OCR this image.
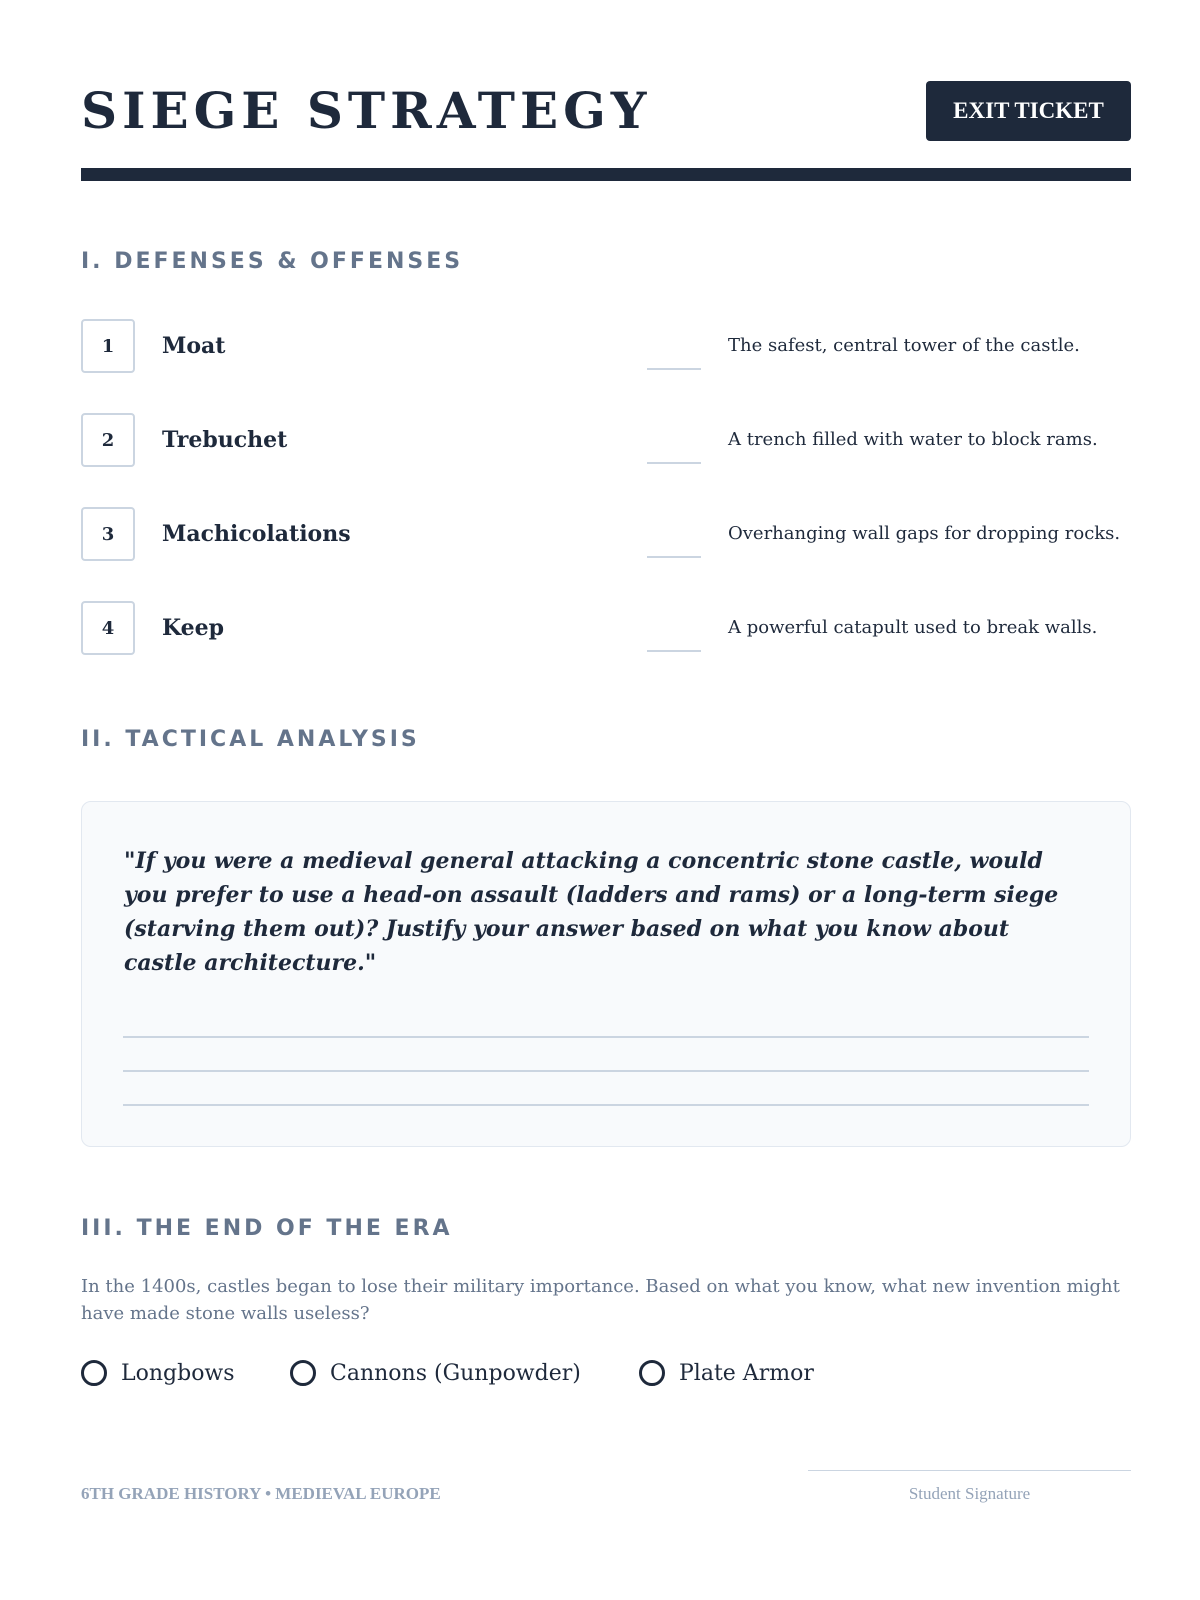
SIEGE STRATEGY	EXIT TICKET
I. DEFENSES & OFFENSES
1	Moat	The safest, central tower of the castle.
2	Trebuchet	A trench filled with water to block rams.
3	Machicolations	Overhanging wall gaps for dropping rocks.
4	Keep	A powerful catapult used to break walls.
II. TACTICAL ANALYSIS

"If you were a medieval general attacking a concentric stone castle, would you prefer to use a head-on assault (ladders and rams) or a long-term siege (starving them out)? Justify your answer based on what you know about castle architecture."

III. THE END OF THE ERA

In the 1400s, castles began to lose their military importance. Based on what you know, what new invention might have made stone walls useless?

Longbows	Cannons (Gunpowder)	Plate Armor
6TH GRADE HISTORY • MEDIEVAL EUROPE	Student Signature
